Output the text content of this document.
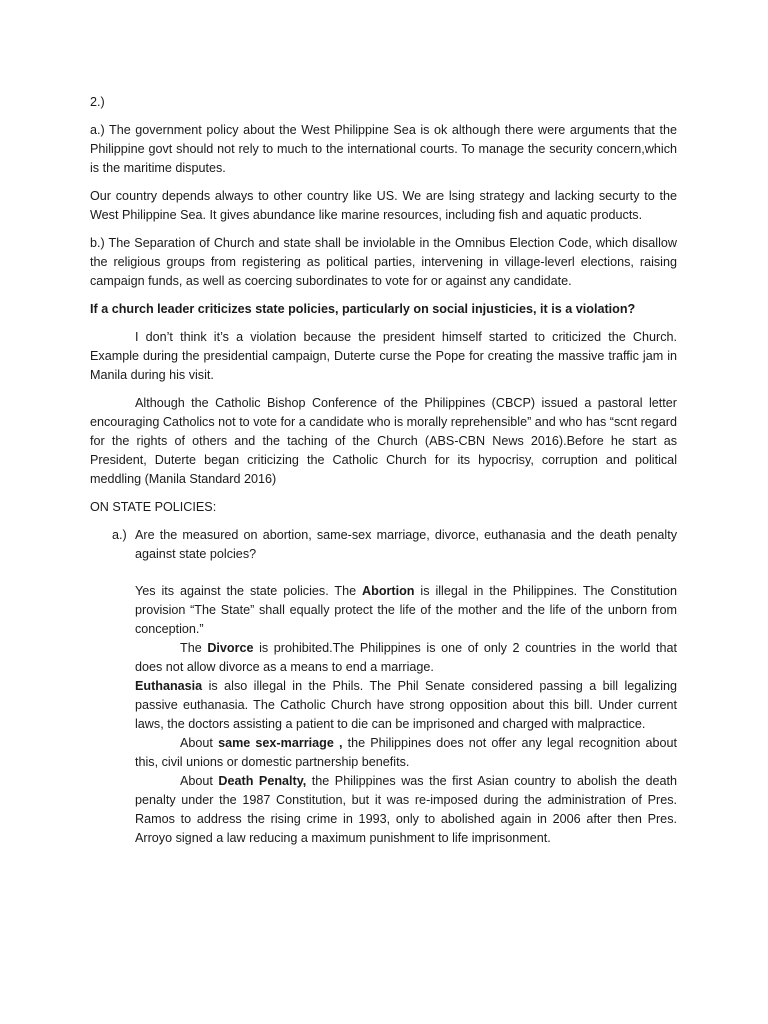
2.)

a.) The government policy about the West Philippine Sea is ok although there were arguments that the Philippine govt should not rely to much to the international courts. To manage the security concern,which is the maritime disputes.

Our country depends always to other country like US. We are lsing strategy and lacking securty to the West Philippine Sea. It gives abundance like marine resources, including fish and aquatic products.

b.) The Separation of Church and state shall be inviolable in the Omnibus Election Code, which disallow the religious groups from registering as political parties, intervening in village-leverl elections, raising campaign funds, as well as coercing subordinates to vote for or against any candidate.

If a church leader criticizes state policies, particularly on social injusticies, it is a violation?

I don’t think it’s a violation because the president himself started to criticized the Church. Example during the presidential campaign, Duterte curse the Pope for creating the massive traffic jam in Manila during his visit.

Although the Catholic Bishop Conference of the Philippines (CBCP) issued a pastoral letter encouraging Catholics not to vote for a candidate who is morally reprehensible” and who has “scnt regard for the rights of others and the taching of the Church (ABS-CBN News 2016).Before he start as President, Duterte began criticizing the Catholic Church for its hypocrisy, corruption and political meddling (Manila Standard 2016)

ON STATE POLICIES:

a.) Are the measured on abortion, same-sex marriage, divorce, euthanasia and the death penalty against state polcies?

Yes its against the state policies. The Abortion is illegal in the Philippines. The Constitution provision “The State” shall equally protect the life of the mother and the life of the unborn from conception.”

The Divorce is prohibited.The Philippines is one of only 2 countries in the world that does not allow divorce as a means to end a marriage.

Euthanasia is also illegal in the Phils. The Phil Senate considered passing a bill legalizing passive euthanasia. The Catholic Church have strong opposition about this bill. Under current laws, the doctors assisting a patient to die can be imprisoned and charged with malpractice.

About same sex-marriage , the Philippines does not offer any legal recognition about this, civil unions or domestic partnership benefits.

About Death Penalty, the Philippines was the first Asian country to abolish the death penalty under the 1987 Constitution, but it was re-imposed during the administration of Pres. Ramos to address the rising crime in 1993, only to abolished again in 2006 after then Pres. Arroyo signed a law reducing a maximum punishment to life imprisonment.
